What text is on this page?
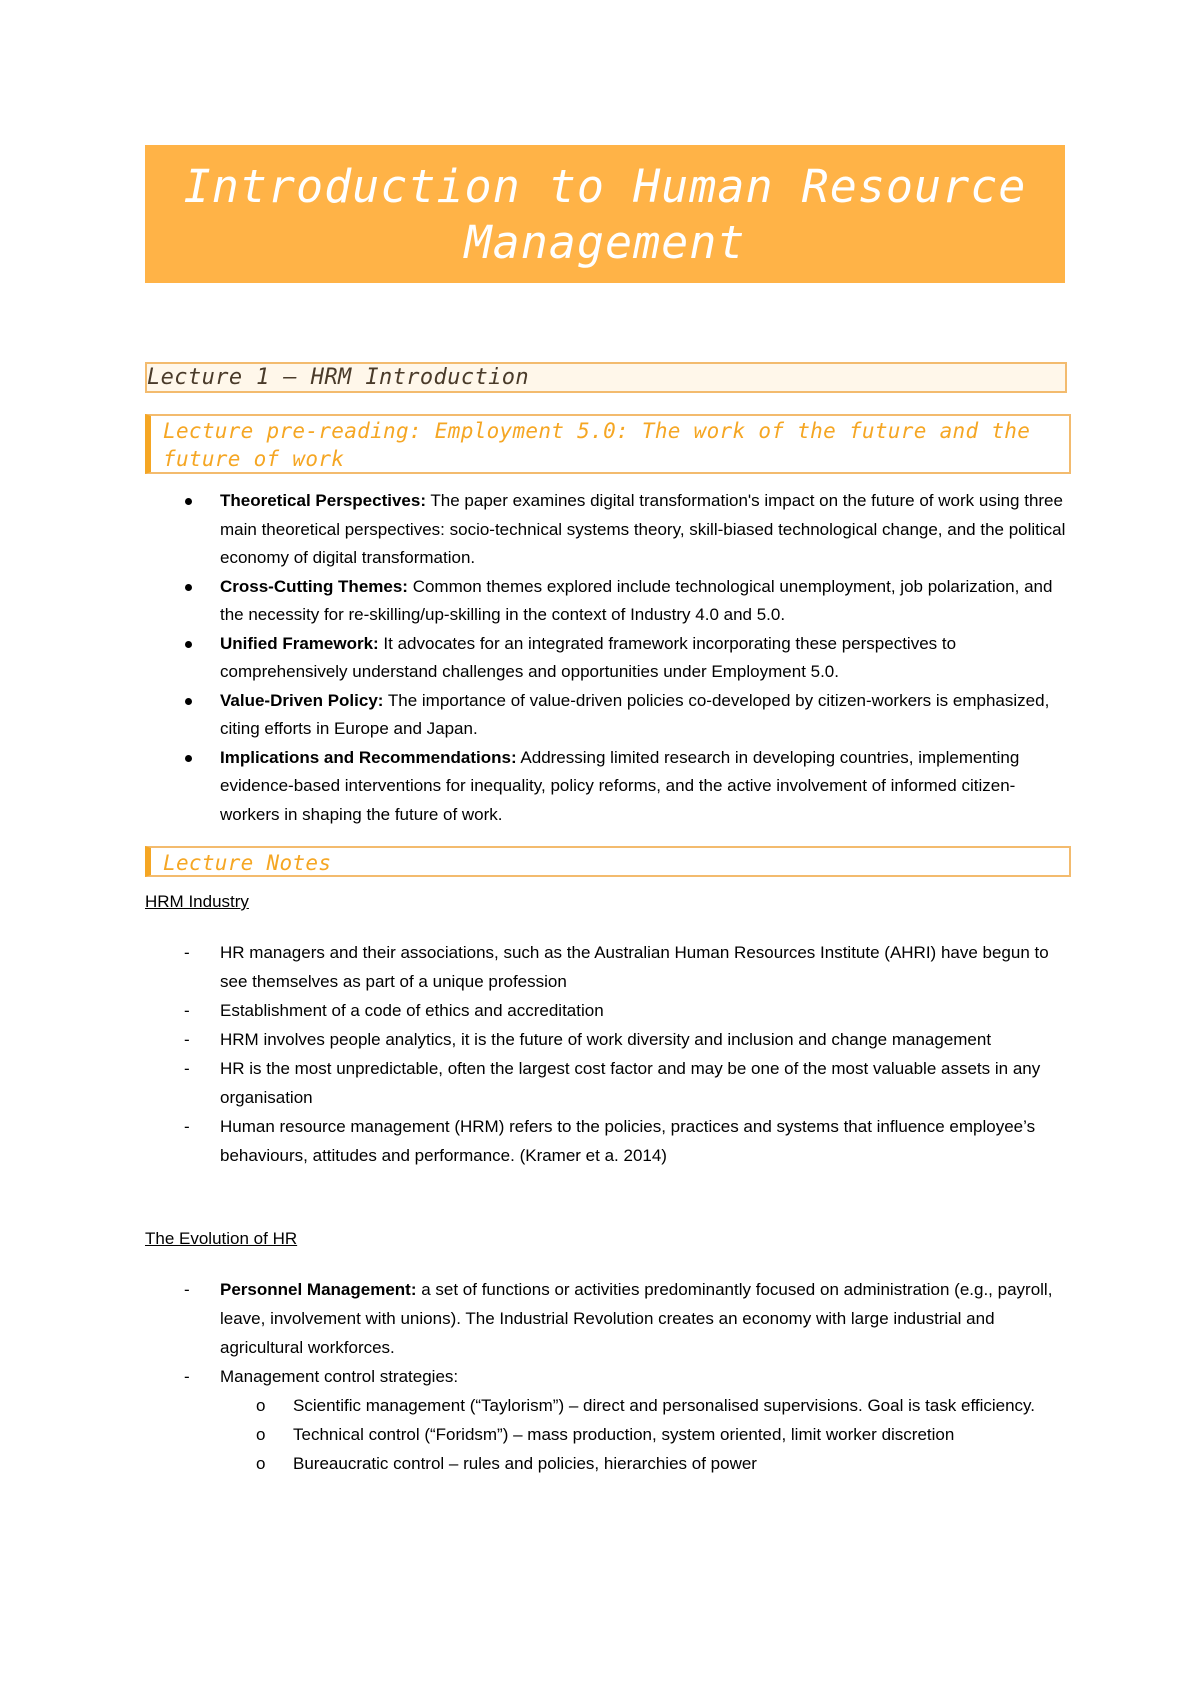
Introduction to Human Resource
Management
Lecture 1 – HRM Introduction
Lecture pre-reading: Employment 5.0: The work of the future and the future of work
Theoretical Perspectives: The paper examines digital transformation's impact on the future of work using three main theoretical perspectives: socio-technical systems theory, skill-biased technological change, and the political economy of digital transformation.
Cross-Cutting Themes: Common themes explored include technological unemployment, job polarization, and the necessity for re-skilling/up-skilling in the context of Industry 4.0 and 5.0.
Unified Framework: It advocates for an integrated framework incorporating these perspectives to comprehensively understand challenges and opportunities under Employment 5.0.
Value-Driven Policy: The importance of value-driven policies co-developed by citizen-workers is emphasized, citing efforts in Europe and Japan.
Implications and Recommendations: Addressing limited research in developing countries, implementing evidence-based interventions for inequality, policy reforms, and the active involvement of informed citizen-workers in shaping the future of work.
Lecture Notes
HRM Industry
- HR managers and their associations, such as the Australian Human Resources Institute (AHRI) have begun to see themselves as part of a unique profession
- Establishment of a code of ethics and accreditation
- HRM involves people analytics, it is the future of work diversity and inclusion and change management
- HR is the most unpredictable, often the largest cost factor and may be one of the most valuable assets in any organisation
- Human resource management (HRM) refers to the policies, practices and systems that influence employee’s behaviours, attitudes and performance. (Kramer et a. 2014)
The Evolution of HR
- Personnel Management: a set of functions or activities predominantly focused on administration (e.g., payroll, leave, involvement with unions). The Industrial Revolution creates an economy with large industrial and agricultural workforces.
- Management control strategies:
o Scientific management (“Taylorism”) – direct and personalised supervisions. Goal is task efficiency.
o Technical control (“Foridsm”) – mass production, system oriented, limit worker discretion
o Bureaucratic control – rules and policies, hierarchies of power
